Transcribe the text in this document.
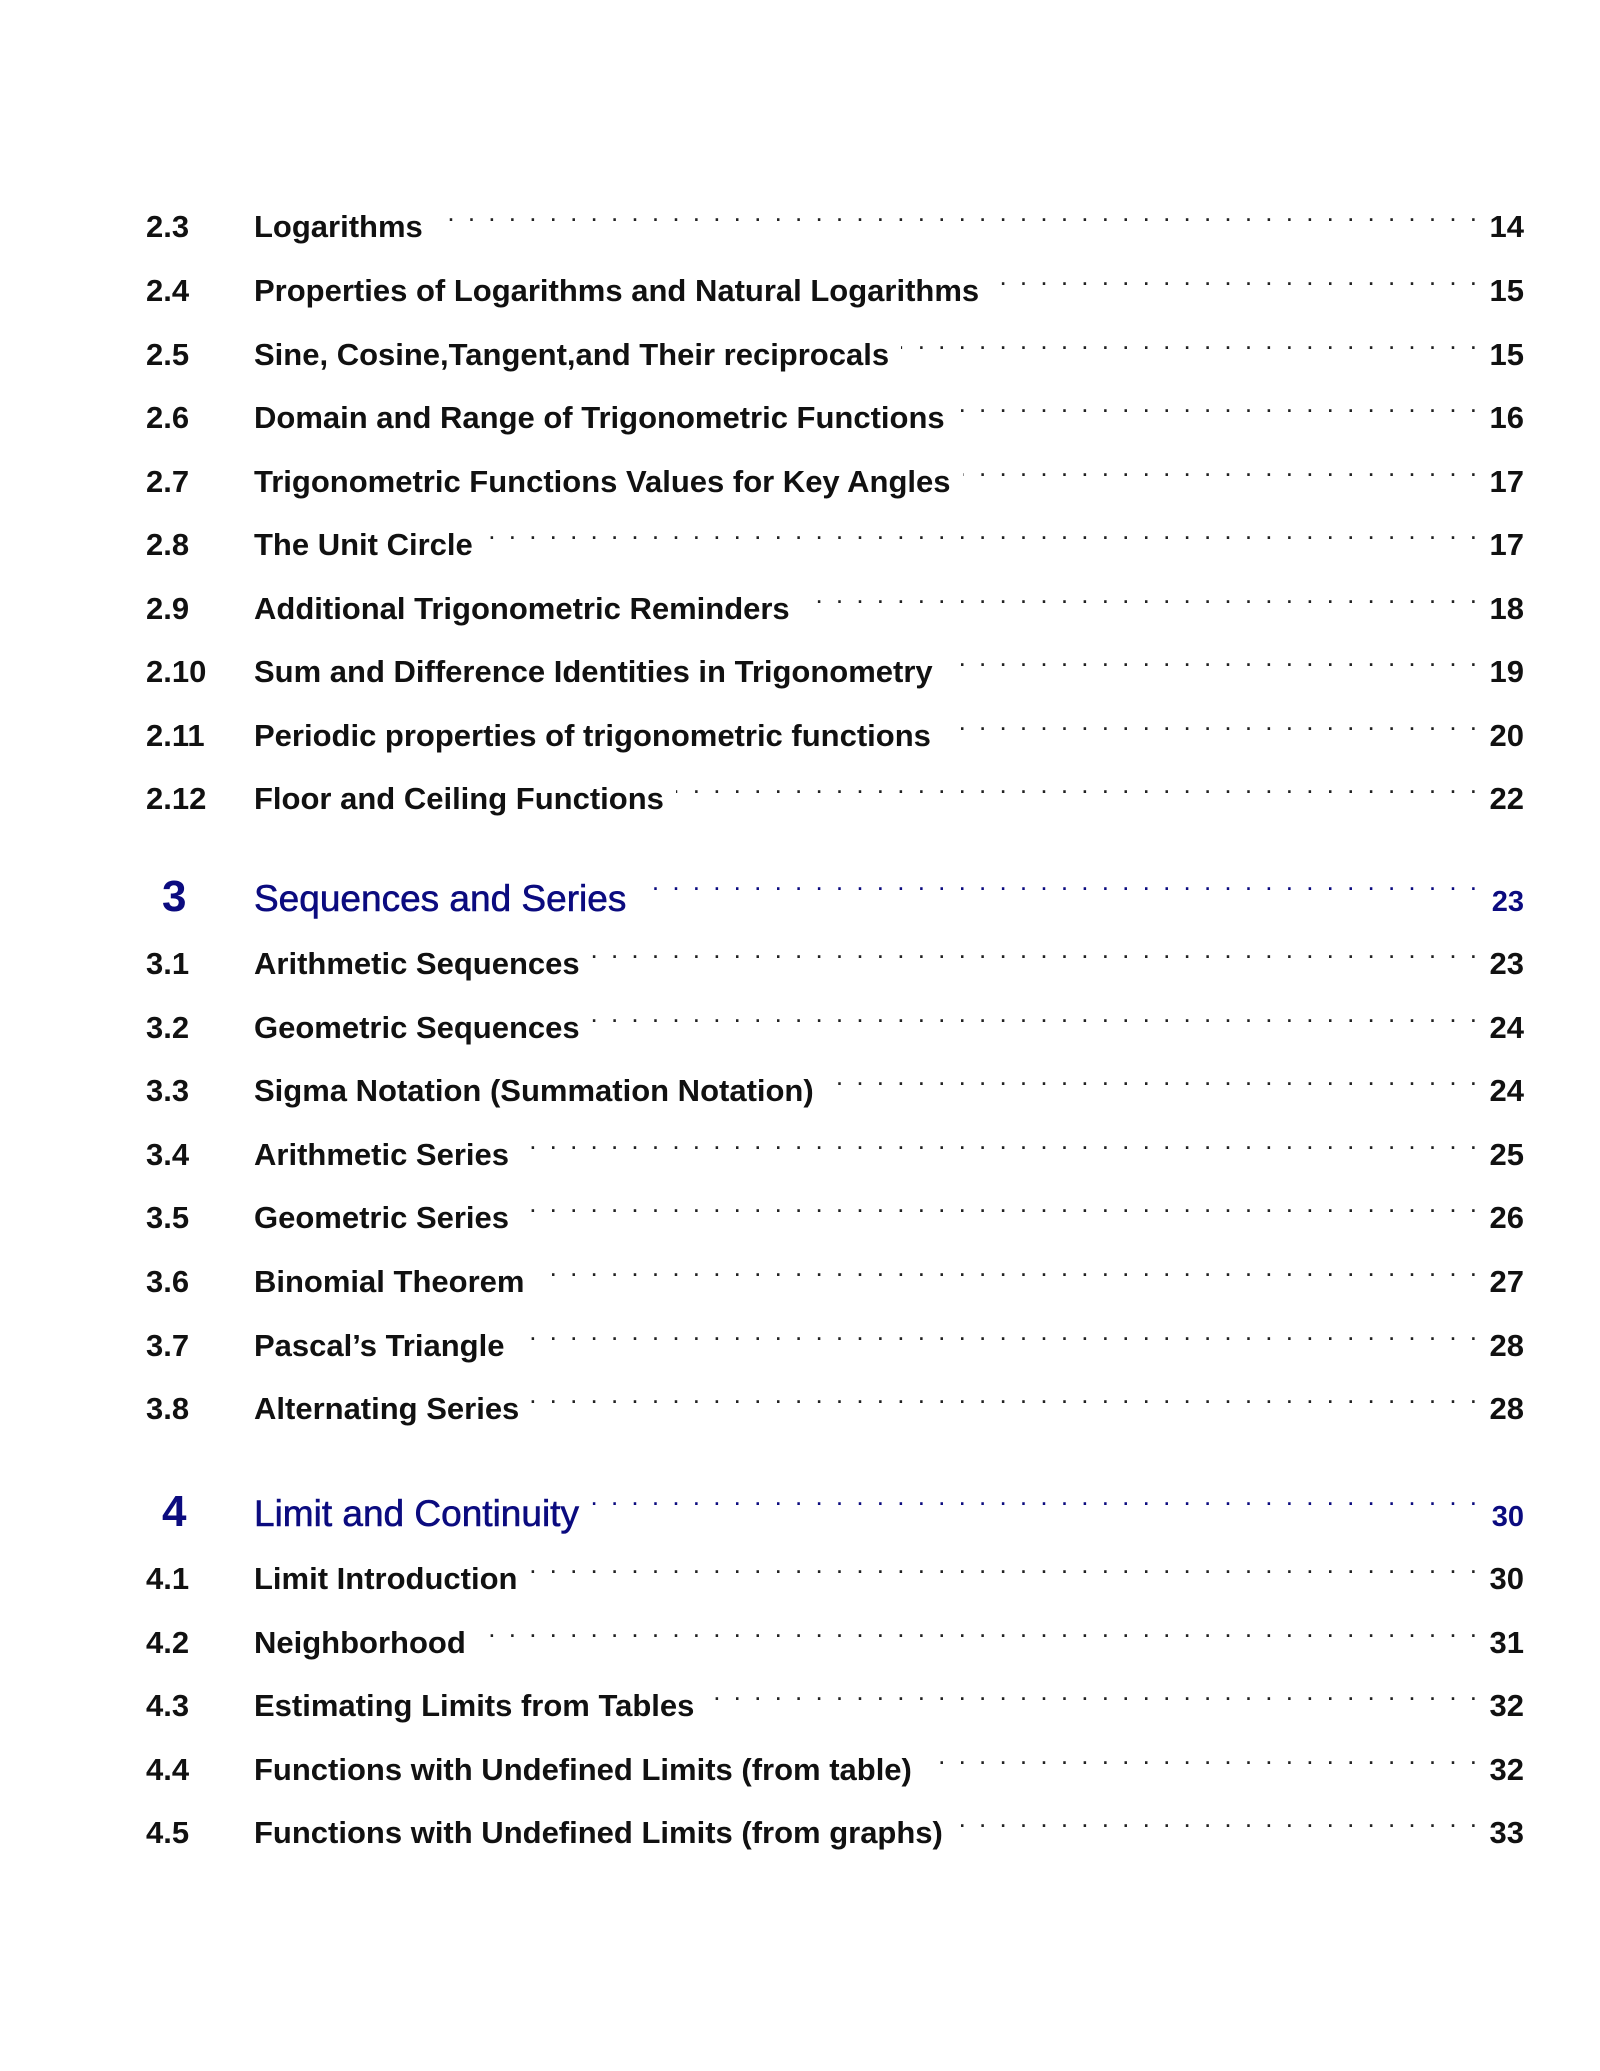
2.3	Logarithms . . .	14
2.4	Properties of Logarithms and Natural Logarithms . . .	15
2.5	Sine, Cosine,Tangent,and Their reciprocals . . .	15
2.6	Domain and Range of Trigonometric Functions . . .	16
2.7	Trigonometric Functions Values for Key Angles . . .	17
2.8	The Unit Circle . . .	17
2.9	Additional Trigonometric Reminders . . .	18
2.10	Sum and Difference Identities in Trigonometry . . .	19
2.11	Periodic properties of trigonometric functions . . .	20
2.12	Floor and Ceiling Functions . . .	22
3	Sequences and Series . . .	23
3.1	Arithmetic Sequences . . .	23
3.2	Geometric Sequences . . .	24
3.3	Sigma Notation (Summation Notation) . . .	24
3.4	Arithmetic Series . . .	25
3.5	Geometric Series . . .	26
3.6	Binomial Theorem . . .	27
3.7	Pascal’s Triangle . . .	28
3.8	Alternating Series . . .	28
4	Limit and Continuity . . .	30
4.1	Limit Introduction . . .	30
4.2	Neighborhood . . .	31
4.3	Estimating Limits from Tables . . .	32
4.4	Functions with Undefined Limits (from table) . . .	32
4.5	Functions with Undefined Limits (from graphs) . . .	33
